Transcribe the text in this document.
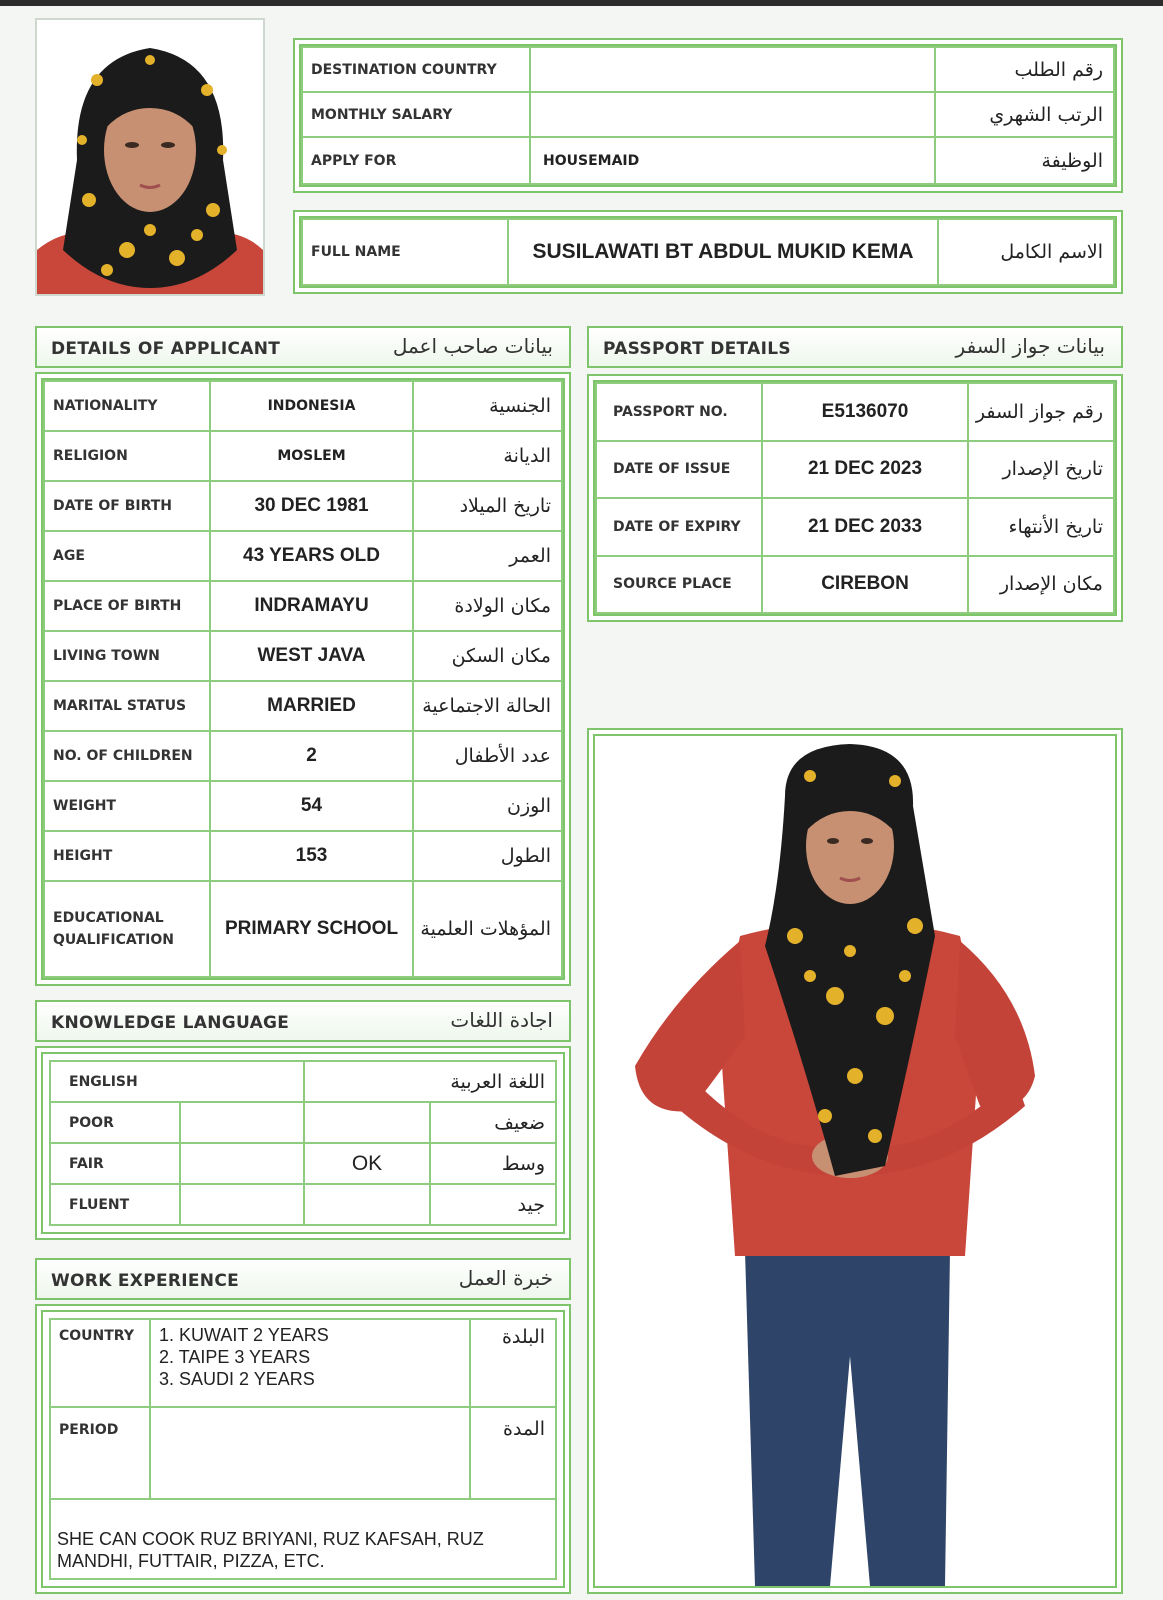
DESTINATION COUNTRY		رقم الطلب
MONTHLY SALARY		الرتب الشهري
APPLY FOR	HOUSEMAID	الوظيفة
FULL NAME	SUSILAWATI BT ABDUL MUKID KEMA	الاسم الكامل
DETAILS OF APPLICANT	بيانات صاحب اعمل
NATIONALITY	INDONESIA	الجنسية
RELIGION	MOSLEM	الديانة
DATE OF BIRTH	30 DEC 1981	تاريخ الميلاد
AGE	43 YEARS OLD	العمر
PLACE OF BIRTH	INDRAMAYU	مكان الولادة
LIVING TOWN	WEST JAVA	مكان السكن
MARITAL STATUS	MARRIED	الحالة الاجتماعية
NO. OF CHILDREN	2	عدد الأطفال
WEIGHT	54	الوزن
HEIGHT	153	الطول
EDUCATIONAL QUALIFICATION	PRIMARY SCHOOL	المؤهلات العلمية
PASSPORT DETAILS	بيانات جواز السفر
PASSPORT NO.	E5136070	رقم جواز السفر
DATE OF ISSUE	21 DEC 2023	تاريخ الإصدار
DATE OF EXPIRY	21 DEC 2033	تاريخ الأنتهاء
SOURCE PLACE	CIREBON	مكان الإصدار
KNOWLEDGE LANGUAGE	اجادة اللغات
ENGLISH		اللغة العربية	
POOR			ضعيف
FAIR		OK	وسط
FLUENT			جيد
WORK EXPERIENCE	خبرة العمل
COUNTRY	1. KUWAIT 2 YEARS
2. TAIPE 3 YEARS
3. SAUDI 2 YEARS	البلدة
PERIOD		المدة

SHE CAN COOK RUZ BRIYANI, RUZ KAFSAH, RUZ
MANDHI, FUTTAIR, PIZZA, ETC.		
